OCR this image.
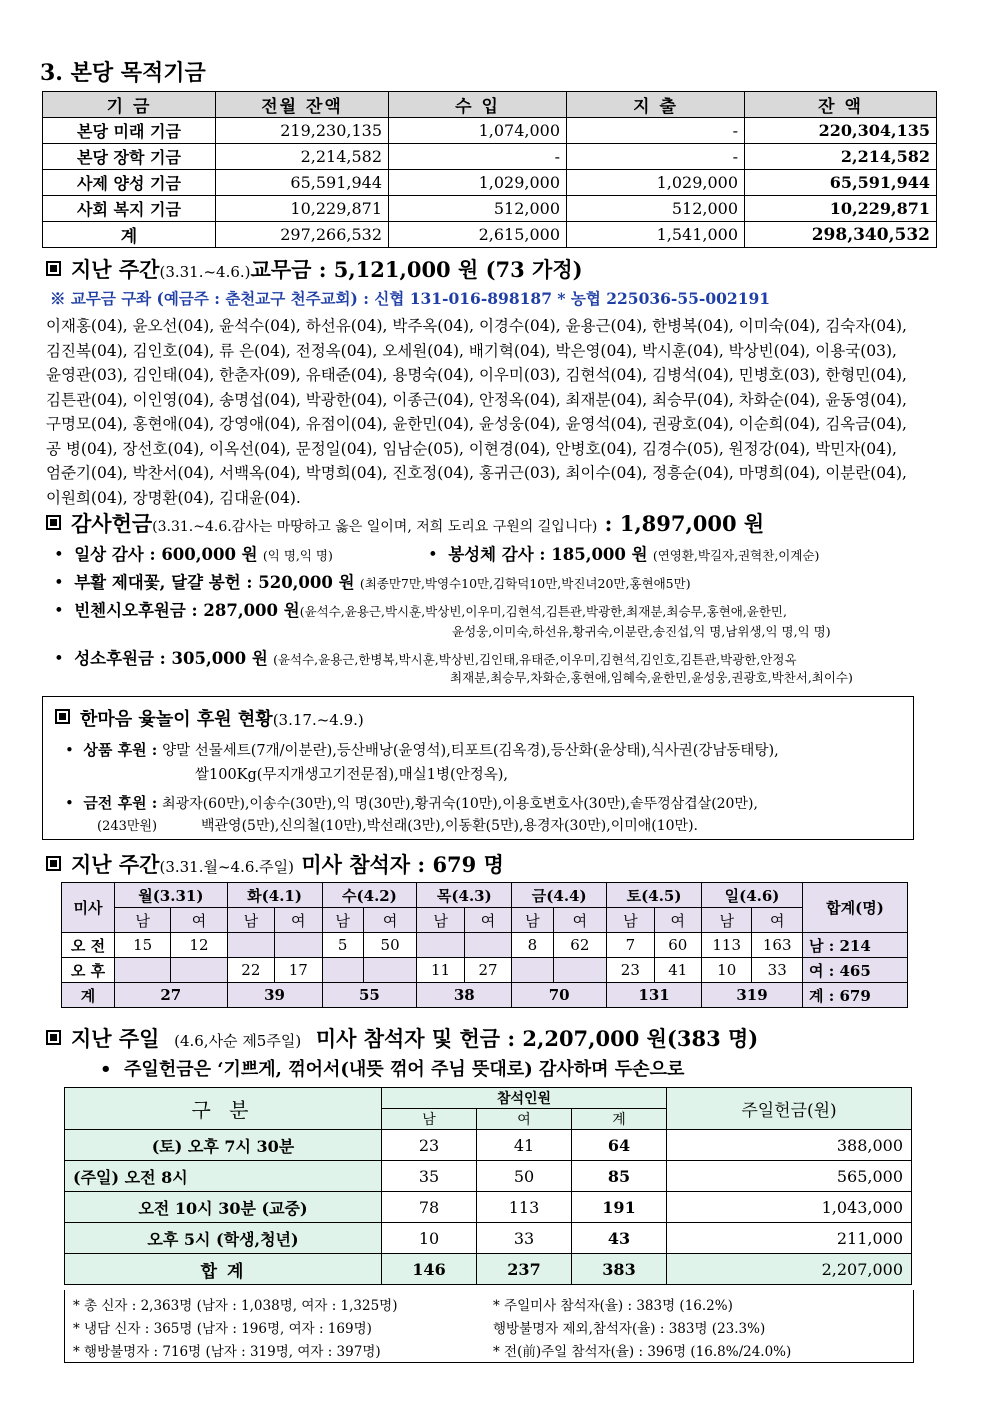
3. 본당 목적기금
기 금	전월 잔액	수 입	지 출	잔 액
본당 미래 기금	219,230,135	1,074,000	-	220,304,135
본당 장학 기금	2,214,582	-	-	2,214,582
사제 양성 기금	65,591,944	1,029,000	1,029,000	65,591,944
사회 복지 기금	10,229,871	512,000	512,000	10,229,871
계	297,266,532	2,615,000	1,541,000	298,340,532
지난 주간(3.31.~4.6.)교무금 : 5,121,000 원 (73 가정)
※ 교무금 구좌 (예금주 : 춘천교구 천주교회) : 신협 131-016-898187 * 농협 225036-55-002191
이재홍(04), 윤오선(04), 윤석수(04), 하선유(04), 박주옥(04), 이경수(04), 윤용근(04), 한병복(04), 이미숙(04), 김숙자(04),
김진복(04), 김인호(04), 류 은(04), 전정옥(04), 오세원(04), 배기혁(04), 박은영(04), 박시훈(04), 박상빈(04), 이용국(03),
윤영관(03), 김인태(04), 한춘자(09), 유태준(04), 용명숙(04), 이우미(03), 김현석(04), 김병석(04), 민병호(03), 한형민(04),
김튼관(04), 이인영(04), 송명섭(04), 박광한(04), 이종근(04), 안정옥(04), 최재분(04), 최승무(04), 차화순(04), 윤동영(04),
구명모(04), 홍현애(04), 강영애(04), 유점이(04), 윤한민(04), 윤성웅(04), 윤영석(04), 권광호(04), 이순희(04), 김옥금(04),
공 병(04), 장선호(04), 이옥선(04), 문정일(04), 임남순(05), 이현경(04), 안병호(04), 김경수(05), 원정강(04), 박민자(04),
엄준기(04), 박찬서(04), 서백옥(04), 박명희(04), 진호정(04), 홍귀근(03), 최이수(04), 정흥순(04), 마명희(04), 이분란(04),
이원희(04), 장명환(04), 김대윤(04).
감사헌금(3.31.~4.6.감사는 마땅하고 옳은 일이며, 저희 도리요 구원의 길입니다) : 1,897,000 원
•  일상 감사 : 600,000 원 (익 명,익 명)	•  봉성체 감사 : 185,000 원 (연영환,박길자,권혁찬,이계순)
•  부활 제대꽃, 달걀 봉헌 : 520,000 원 (최종만7만,박영수10만,김학덕10만,박진녀20만,홍현애5만)
•  빈첸시오후원금 : 287,000 원(윤석수,윤용근,박시훈,박상빈,이우미,김현석,김튼관,박광한,최재분,최승무,홍현애,윤한민,
윤성웅,이미숙,하선유,황귀숙,이분란,송진섭,익 명,남위생,익 명,익 명)
•  성소후원금 : 305,000 원 (윤석수,윤용근,한병복,박시훈,박상빈,김인태,유태준,이우미,김현석,김인호,김튼관,박광한,안정옥
최재분,최승무,차화순,홍현애,임혜숙,윤한민,윤성웅,권광호,박찬서,최이수)
한마음 윷놀이 후원 현황(3.17.~4.9.)
•  상품 후원 : 양말 선물세트(7개/이분란),등산배낭(윤영석),티포트(김옥경),등산화(윤상태),식사권(강남동태탕),
쌀100Kg(무지개생고기전문점),매실1병(안정옥),
•  금전 후원 : 최광자(60만),이송수(30만),익 명(30만),황귀숙(10만),이용호변호사(30만),솥뚜껑삼겹살(20만),
(243만원)	백관영(5만),신의철(10만),박선래(3만),이동환(5만),용경자(30만),이미애(10만).
지난 주간(3.31.월~4.6.주일) 미사 참석자 : 679 명
미사	월(3.31)		화(4.1)		수(4.2)		목(4.3)		금(4.4)		토(4.5)		일(4.6)		합계(명)
	남	여	남	여	남	여	남	여	남	여	남	여	남	여	
오 전	15	12			5	50			8	62	7	60	113	163	남 : 214
오 후			22	17			11	27			23	41	10	33	여 : 465
계	27		39		55		38		70		131		319		계 : 679
지난 주일 (4.6,사순 제5주일) 미사 참석자 및 헌금 : 2,207,000 원(383 명)
•  주일헌금은 ‘기쁘게, 꺾어서(내뜻 꺾어 주님 뜻대로) 감사하며 두손으로
구 분	참석인원			주일헌금(원)
	남	여	계	
(토) 오후 7시 30분	23	41	64	388,000
(주일) 오전 8시	35	50	85	565,000
오전 10시 30분 (교중)	78	113	191	1,043,000
오후 5시 (학생,청년)	10	33	43	211,000
합 계	146	237	383	2,207,000
* 총 신자 : 2,363명 (남자 : 1,038명, 여자 : 1,325명)	* 주일미사 참석자(율) : 383명 (16.2%)
* 냉담 신자 : 365명 (남자 : 196명, 여자 : 169명)	행방불명자 제외,참석자(율) : 383명 (23.3%)
* 행방불명자 : 716명 (남자 : 319명, 여자 : 397명)	* 전(前)주일 참석자(율) : 396명 (16.8%/24.0%)
